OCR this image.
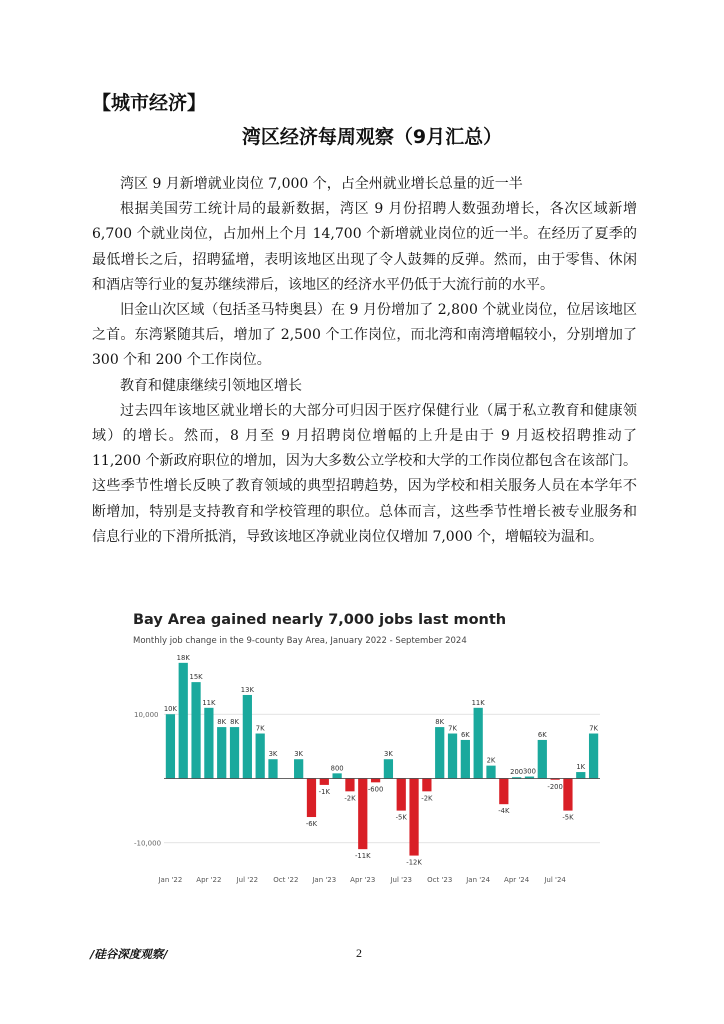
【城市经济】
湾区经济每周观察（9月汇总）

湾区 9 月新增就业岗位 7,000 个，占全州就业增长总量的近一半

根据美国劳工统计局的最新数据，湾区 9 月份招聘人数强劲增长，各次区域新增 6,700 个就业岗位，占加州上个月 14,700 个新增就业岗位的近一半。在经历了夏季的最低增长之后，招聘猛增，表明该地区出现了令人鼓舞的反弹。然而，由于零售、休闲和酒店等行业的复苏继续滞后，该地区的经济水平仍低于大流行前的水平。

旧金山次区域（包括圣马特奥县）在 9 月份增加了 2,800 个就业岗位，位居该地区之首。东湾紧随其后，增加了 2,500 个工作岗位，而北湾和南湾增幅较小，分别增加了 300 个和 200 个工作岗位。

教育和健康继续引领地区增长

过去四年该地区就业增长的大部分可归因于医疗保健行业（属于私立教育和健康领域）的增长。然而，8 月至 9 月招聘岗位增幅的上升是由于 9 月返校招聘推动了 11,200 个新政府职位的增加，因为大多数公立学校和大学的工作岗位都包含在该部门。这些季节性增长反映了教育领域的典型招聘趋势，因为学校和相关服务人员在本学年不断增加，特别是支持教育和学校管理的职位。总体而言，这些季节性增长被专业服务和信息行业的下滑所抵消，导致该地区净就业岗位仅增加 7,000 个，增幅较为温和。

10,000
-10,000
10K
18K
15K
11K
8K 8K
13K
7K
3K 3K
-6K
-1K
800
-2K
-11K
-600
3K
-5K
-12K
-2K
8K
7K
6K
11K
2K
-4K
200 300
6K
-200
-5K
1K
7K
Jan '22 Apr '22 Jul '22 Oct '22 Jan '23 Apr '23 Jul '23 Oct '23 Jan '24 Apr '24 Jul '24
Bay Area gained nearly 7,000 jobs last month
Monthly job change in the 9-county Bay Area, January 2022 - September 2024
/硅谷深度观察/	2
